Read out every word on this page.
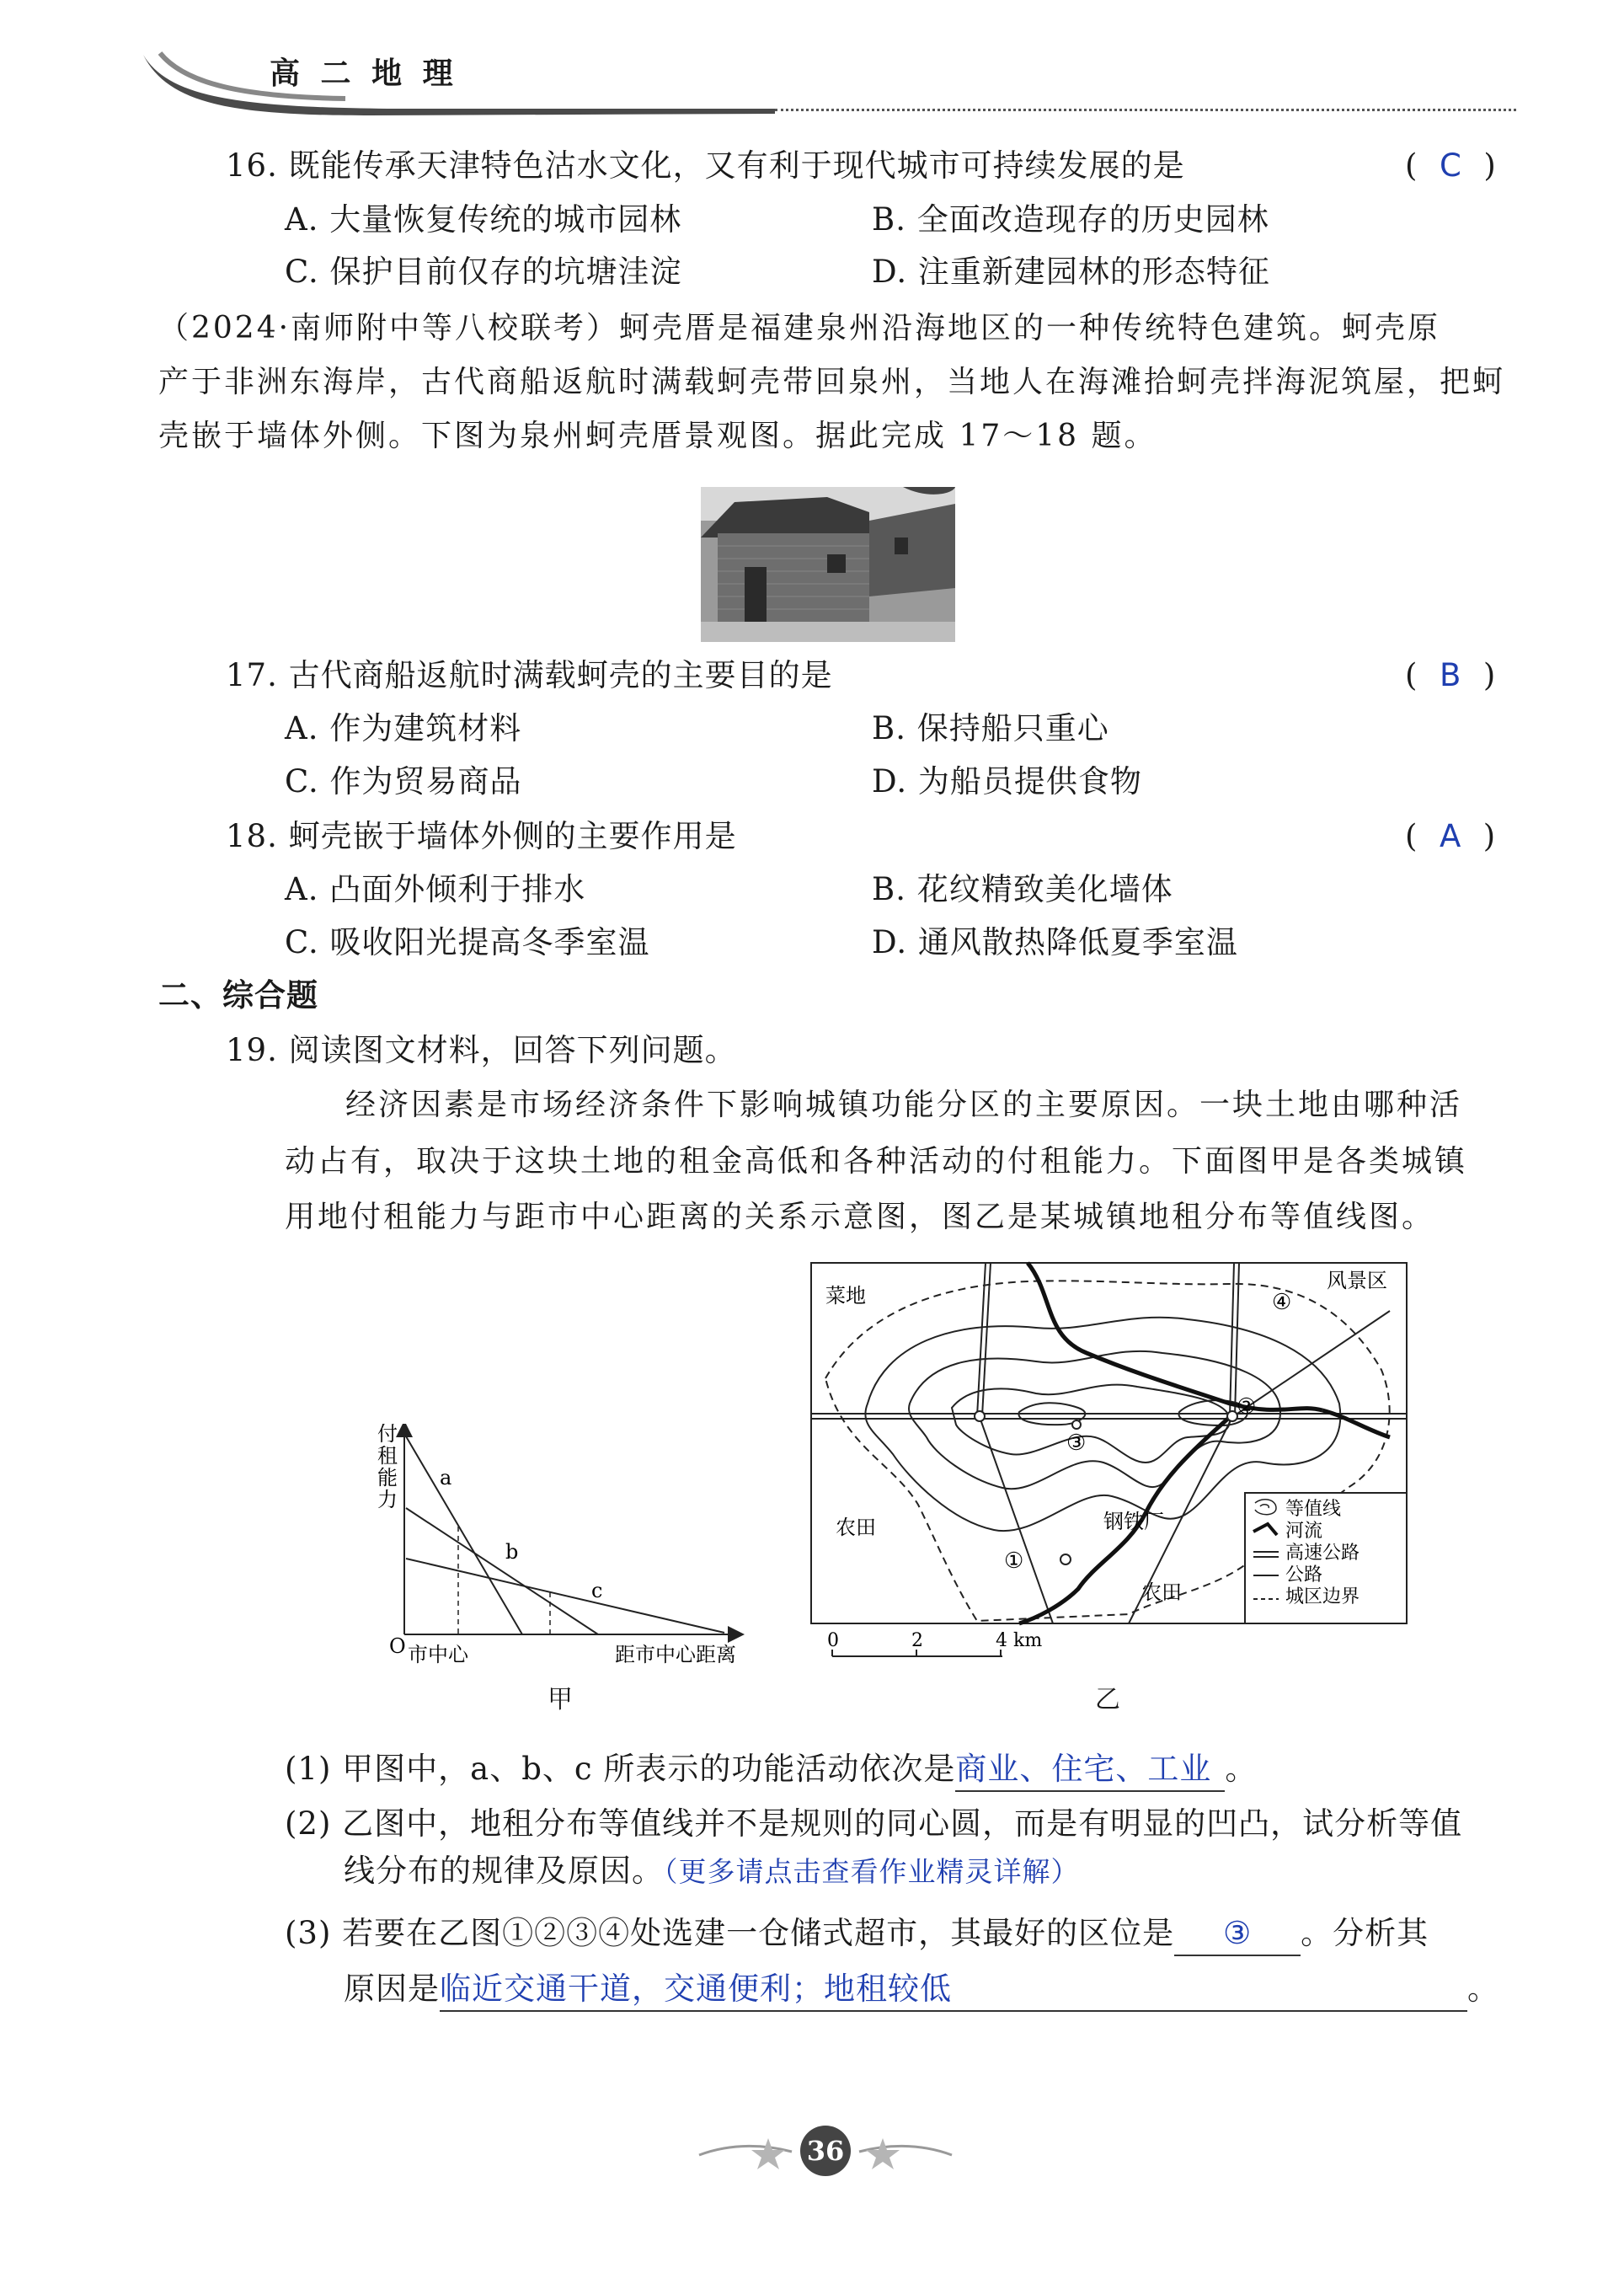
高 二 地 理
16. 既能传承天津特色沽水文化，又有利于现代城市可持续发展的是	(  C  )
A. 大量恢复传统的城市园林	B. 全面改造现存的历史园林
C. 保护目前仅存的坑塘洼淀	D. 注重新建园林的形态特征
（2024·南师附中等八校联考）蚵壳厝是福建泉州沿海地区的一种传统特色建筑。蚵壳原
产于非洲东海岸，古代商船返航时满载蚵壳带回泉州，当地人在海滩拾蚵壳拌海泥筑屋，把蚵
壳嵌于墙体外侧。下图为泉州蚵壳厝景观图。据此完成 17～18 题。
17. 古代商船返航时满载蚵壳的主要目的是	(  B  )
A. 作为建筑材料	B. 保持船只重心
C. 作为贸易商品	D. 为船员提供食物
18. 蚵壳嵌于墙体外侧的主要作用是	(  A  )
A. 凸面外倾利于排水	B. 花纹精致美化墙体
C. 吸收阳光提高冬季室温	D. 通风散热降低夏季室温
二、综合题
19. 阅读图文材料，回答下列问题。
经济因素是市场经济条件下影响城镇功能分区的主要原因。一块土地由哪种活
动占有，取决于这块土地的租金高低和各种活动的付租能力。下面图甲是各类城镇
用地付租能力与距市中心距离的关系示意图，图乙是某城镇地租分布等值线图。
付
租
能
力
a
b
c
O 市中心	距市中心距离
甲
菜地
风景区
④
②
③
①
农田	钢铁厂
农田
等值线
河流
高速公路
公路
城区边界
0	2	4 km
乙
(1) 甲图中，a、b、c 所表示的功能活动依次是商业、住宅、工业 。
(2) 乙图中，地租分布等值线并不是规则的同心圆，而是有明显的凹凸，试分析等值
线分布的规律及原因。（更多请点击查看作业精灵详解）
(3) 若要在乙图①②③④处选建一仓储式超市，其最好的区位是 ③ 。分析其
原因是临近交通干道，交通便利；地租较低	。
36
